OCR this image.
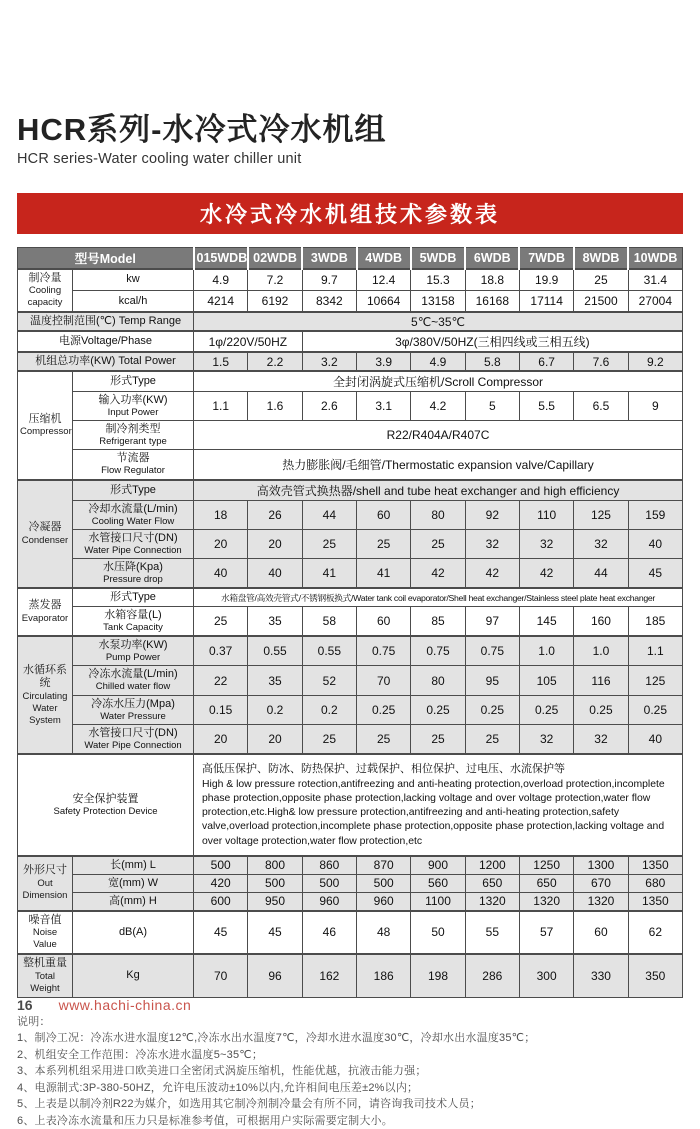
HCR系列-水冷式冷水机组
HCR series-Water cooling water chiller unit
水冷式冷水机组技术参数表
型号Model		015WDB	02WDB	3WDB	4WDB	5WDB	6WDB	7WDB	8WDB	10WDB

制冷量
Cooling capacity	kw	4.9	7.2	9.7	12.4	15.3	18.8	19.9	25	31.4
	kcal/h	4214	6192	8342	10664	13158	16168	17114	21500	27004
温度控制范围(℃) Temp Range		5℃~35℃								
电源Voltage/Phase		1φ/220V/50HZ		3φ/380V/50HZ(三相四线或三相五线)						
机组总功率(KW) Total Power		1.5	2.2	3.2	3.9	4.9	5.8	6.7	7.6	9.2

压缩机
Compressor	形式Type	全封闭涡旋式压缩机/Scroll Compressor								

	输入功率(KW)
Input Power	1.1	1.6	2.6	3.1	4.2	5	5.5	6.5	9

	制冷剂类型
Refrigerant type	R22/R404A/R407C								

	节流器
Flow Regulator	热力膨胀阀/毛细管/Thermostatic expansion valve/Capillary								

冷凝器
Condenser	形式Type	高效壳管式换热器/shell and tube heat exchanger and high efficiency								

	冷却水流量(L/min)
Cooling Water Flow	18	26	44	60	80	92	110	125	159

	水管接口尺寸(DN)
Water Pipe Connection	20	20	25	25	25	32	32	32	40

	水压降(Kpa)
Pressure drop	40	40	41	41	42	42	42	44	45

蒸发器
Evaporator	形式Type	水箱盘管/高效壳管式/不锈钢板换式/Water tank coil evaporator/Shell heat exchanger/Stainless steel plate heat exchanger								

	水箱容量(L)
Tank Capacity	25	35	58	60	85	97	145	160	185

水循环系统
Circulating Water System

水泵功率(KW)
Pump Power	0.37	0.55	0.55	0.75	0.75	0.75	1.0	1.0	1.1

	冷冻水流量(L/min)
Chilled water flow	22	35	52	70	80	95	105	116	125

	冷冻水压力(Mpa)
Water Pressure	0.15	0.2	0.2	0.25	0.25	0.25	0.25	0.25	0.25

	水管接口尺寸(DN)
Water Pipe Connection	20	20	25	25	25	25	32	32	40

安全保护装置
Safety Protection Device

高低压保护、防冰、防热保护、过载保护、相位保护、过电压、水流保护等
High & low pressure rotection,antifreezing and anti-heating protection,overload protection,incomplete phase protection,opposite phase protection,lacking voltage and over voltage protection,water flow protection,etc.High& low pressure protection,antifreezing and anti-heating protection,safety valve,overload protection,incomplete phase protection,opposite phase protection,lacking voltage and over voltage protection,water flow protection,etc

外形尺寸
Out Dimension	长(mm) L	500	800	860	870	900	1200	1250	1300	1350
	宽(mm) W	420	500	500	500	560	650	650	670	680
	高(mm) H	600	950	960	960	1100	1320	1320	1320	1350

噪音值
Noise Value	dB(A)	45	45	46	48	50	55	57	60	62

整机重量
Total Weight	Kg	70	96	162	186	198	286	300	330	350
说明：
1、制冷工况：冷冻水进水温度12℃,冷冻水出水温度7℃，冷却水进水温度30℃，冷却水出水温度35℃；
2、机组安全工作范围：冷冻水进水温度5~35℃；
3、本系列机组采用进口欧美进口全密闭式涡旋压缩机，性能优越，抗液击能力强；
4、电源制式:3P-380-50HZ，允许电压波动±10%以内,允许相间电压差±2%以内；
5、上表是以制冷剂R22为媒介，如选用其它制冷剂制冷量会有所不同，请咨询我司技术人员；
6、上表冷冻水流量和压力只是标准参考值，可根据用户实际需要定制大小。
16 www.hachi-china.cn
